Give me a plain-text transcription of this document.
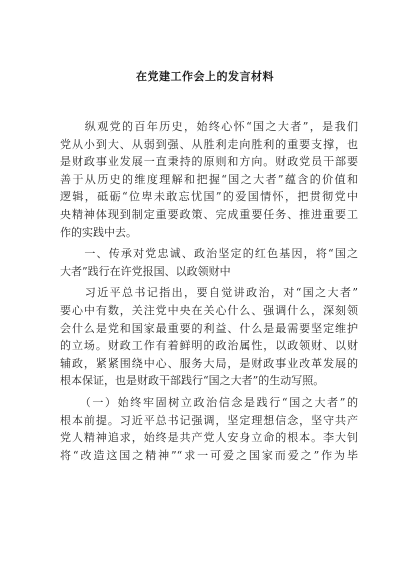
在党建工作会上的发言材料
　　纵观党的百年历史，始终心怀“国之大者”，是我们
党从小到大、从弱到强、从胜利走向胜利的重要支撑，也
是财政事业发展一直秉持的原则和方向。财政党员干部要
善于从历史的维度理解和把握“国之大者”蕴含的价值和
逻辑，砥砺“位卑未敢忘忧国”的爱国情怀，把贯彻党中
央精神体现到制定重要政策、完成重要任务、推进重要工
作的实践中去。
　　一、传承对党忠诚、政治坚定的红色基因，将“国之
大者”践行在许党报国、以政领财中
　　习近平总书记指出，要自觉讲政治，对“国之大者”
要心中有数，关注党中央在关心什么、强调什么，深刻领
会什么是党和国家最重要的利益、什么是最需要坚定维护
的立场。财政工作有着鲜明的政治属性，以政领财、以财
辅政，紧紧围绕中心、服务大局，是财政事业改革发展的
根本保证，也是财政干部践行“国之大者”的生动写照。
　　（一）始终牢固树立政治信念是践行“国之大者”的
根本前提。习近平总书记强调，坚定理想信念，坚守共产
党人精神追求，始终是共产党人安身立命的根本。李大钊
将“改造这国之精神”“求一可爱之国家而爱之”作为毕
